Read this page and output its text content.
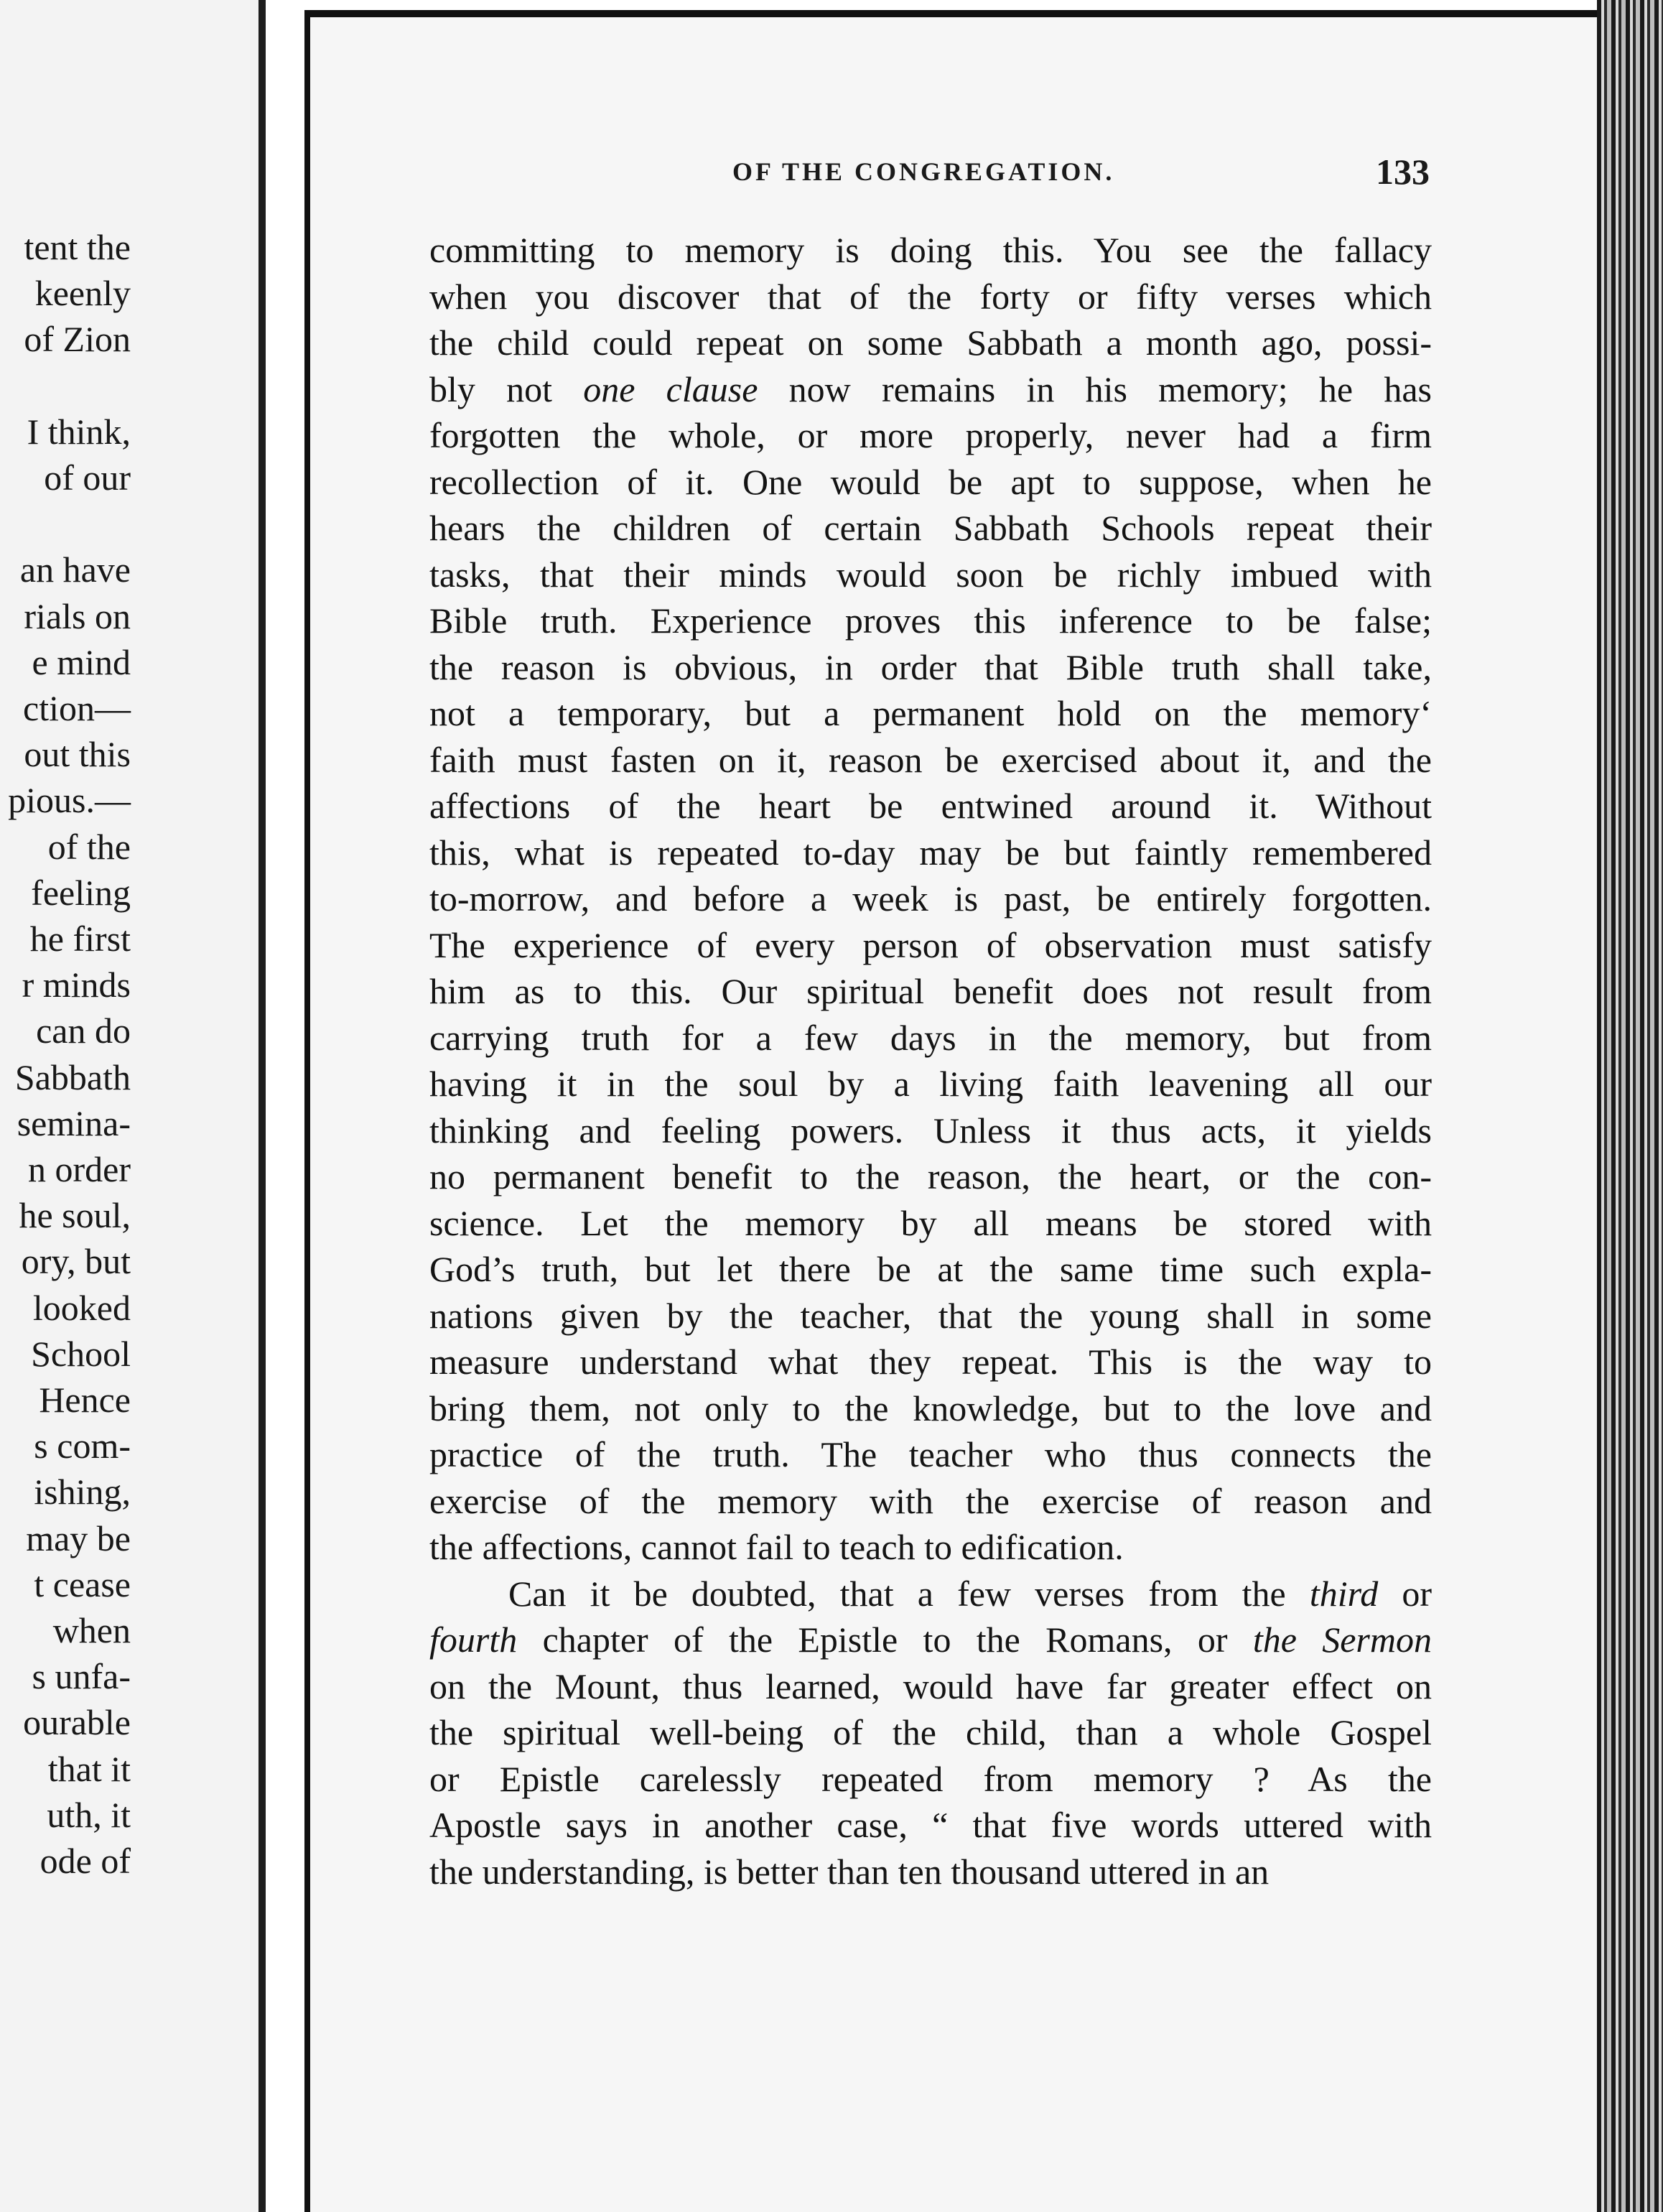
tent the
keenly
of Zion
I think,
of our
an have
rials on
e mind
ction—
out this
pious.—
of the
feeling
he first
r minds
can do
Sabbath
semina-
n order
he soul,
ory, but
looked
School
Hence
s com-
ishing,
may be
t cease
when
s unfa-
ourable
that it
uth, it
ode of
OF THE CONGREGATION.	133
committing to memory is doing this. You see the fallacy
when you discover that of the forty or fifty verses which
the child could repeat on some Sabbath a month ago, possi-
bly not one clause now remains in his memory; he has
forgotten the whole, or more properly, never had a firm
recollection of it. One would be apt to suppose, when he
hears the children of certain Sabbath Schools repeat their
tasks, that their minds would soon be richly imbued with
Bible truth. Experience proves this inference to be false;
the reason is obvious, in order that Bible truth shall take,
not a temporary, but a permanent hold on the memory‘
faith must fasten on it, reason be exercised about it, and the
affections of the heart be entwined around it. Without
this, what is repeated to-day may be but faintly remembered
to-morrow, and before a week is past, be entirely forgotten.
The experience of every person of observation must satisfy
him as to this. Our spiritual benefit does not result from
carrying truth for a few days in the memory, but from
having it in the soul by a living faith leavening all our
thinking and feeling powers. Unless it thus acts, it yields
no permanent benefit to the reason, the heart, or the con-
science. Let the memory by all means be stored with
God’s truth, but let there be at the same time such expla-
nations given by the teacher, that the young shall in some
measure understand what they repeat. This is the way to
bring them, not only to the knowledge, but to the love and
practice of the truth. The teacher who thus connects the
exercise of the memory with the exercise of reason and
the affections, cannot fail to teach to edification.
Can it be doubted, that a few verses from the third or
fourth chapter of the Epistle to the Romans, or the Sermon
on the Mount, thus learned, would have far greater effect on
the spiritual well-being of the child, than a whole Gospel
or Epistle carelessly repeated from memory ? As the
Apostle says in another case, “ that five words uttered with
the understanding, is better than ten thousand uttered in an
